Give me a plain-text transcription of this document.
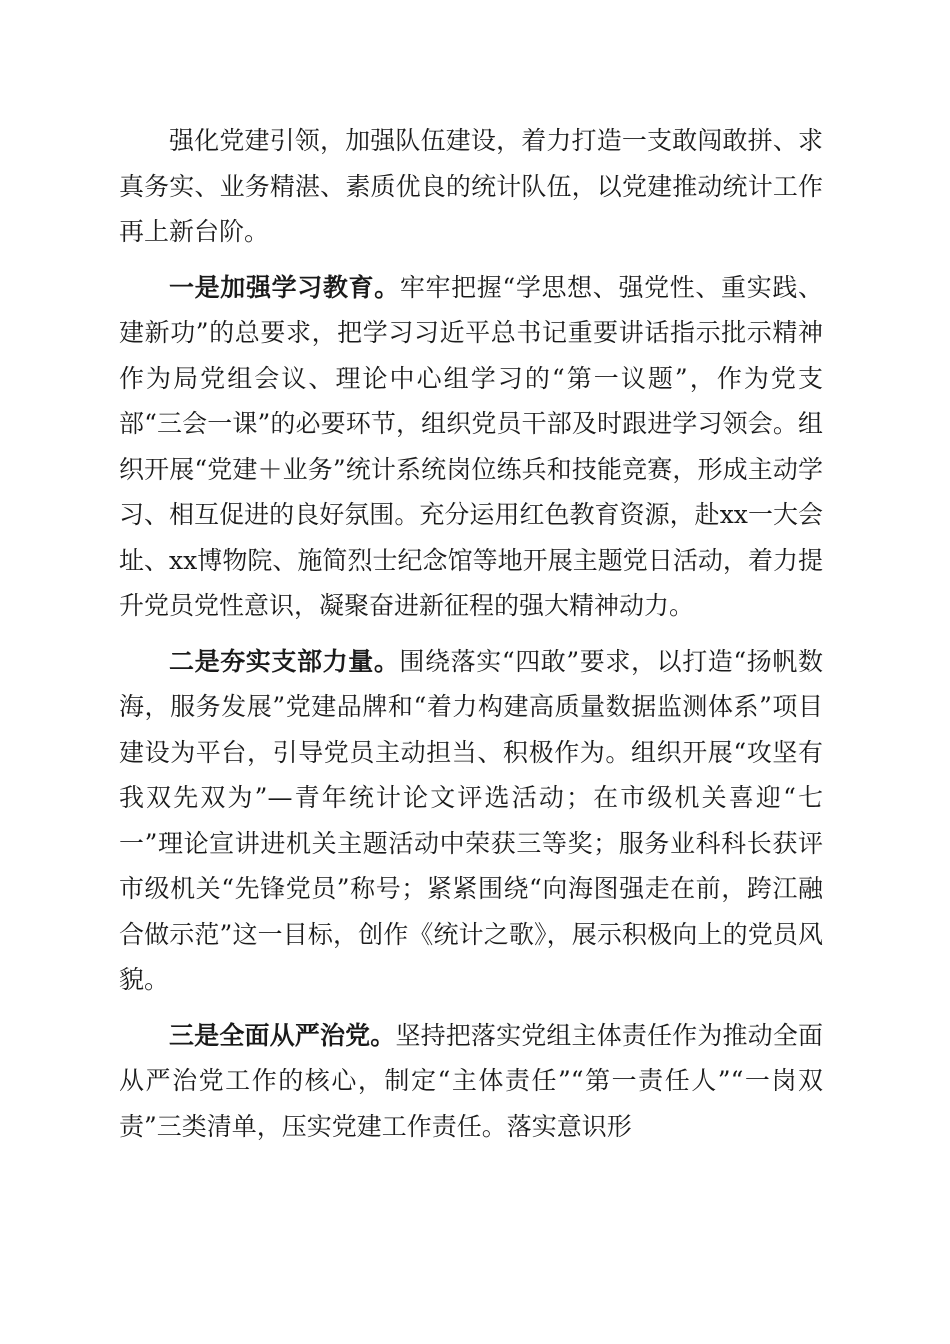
强化党建引领，加强队伍建设，着力打造一支敢闯敢拼、求真务实、业务精湛、素质优良的统计队伍，以党建推动统计工作再上新台阶。

一是加强学习教育。牢牢把握“学思想、强党性、重实践、建新功”的总要求，把学习习近平总书记重要讲话指示批示精神作为局党组会议、理论中心组学习的“第一议题”，作为党支部“三会一课”的必要环节，组织党员干部及时跟进学习领会。组织开展“党建＋业务”统计系统岗位练兵和技能竞赛，形成主动学习、相互促进的良好氛围。充分运用红色教育资源，赴xx一大会址、xx博物院、施简烈士纪念馆等地开展主题党日活动，着力提升党员党性意识，凝聚奋进新征程的强大精神动力。

二是夯实支部力量。围绕落实“四敢”要求，以打造“扬帆数海，服务发展”党建品牌和“着力构建高质量数据监测体系”项目建设为平台，引导党员主动担当、积极作为。组织开展“攻坚有我双先双为”—青年统计论文评选活动；在市级机关喜迎“七一”理论宣讲进机关主题活动中荣获三等奖；服务业科科长获评市级机关“先锋党员”称号；紧紧围绕“向海图强走在前，跨江融合做示范”这一目标，创作《统计之歌》，展示积极向上的党员风貌。

三是全面从严治党。坚持把落实党组主体责任作为推动全面从严治党工作的核心，制定“主体责任”“第一责任人”“一岗双责”三类清单，压实党建工作责任。落实意识形
